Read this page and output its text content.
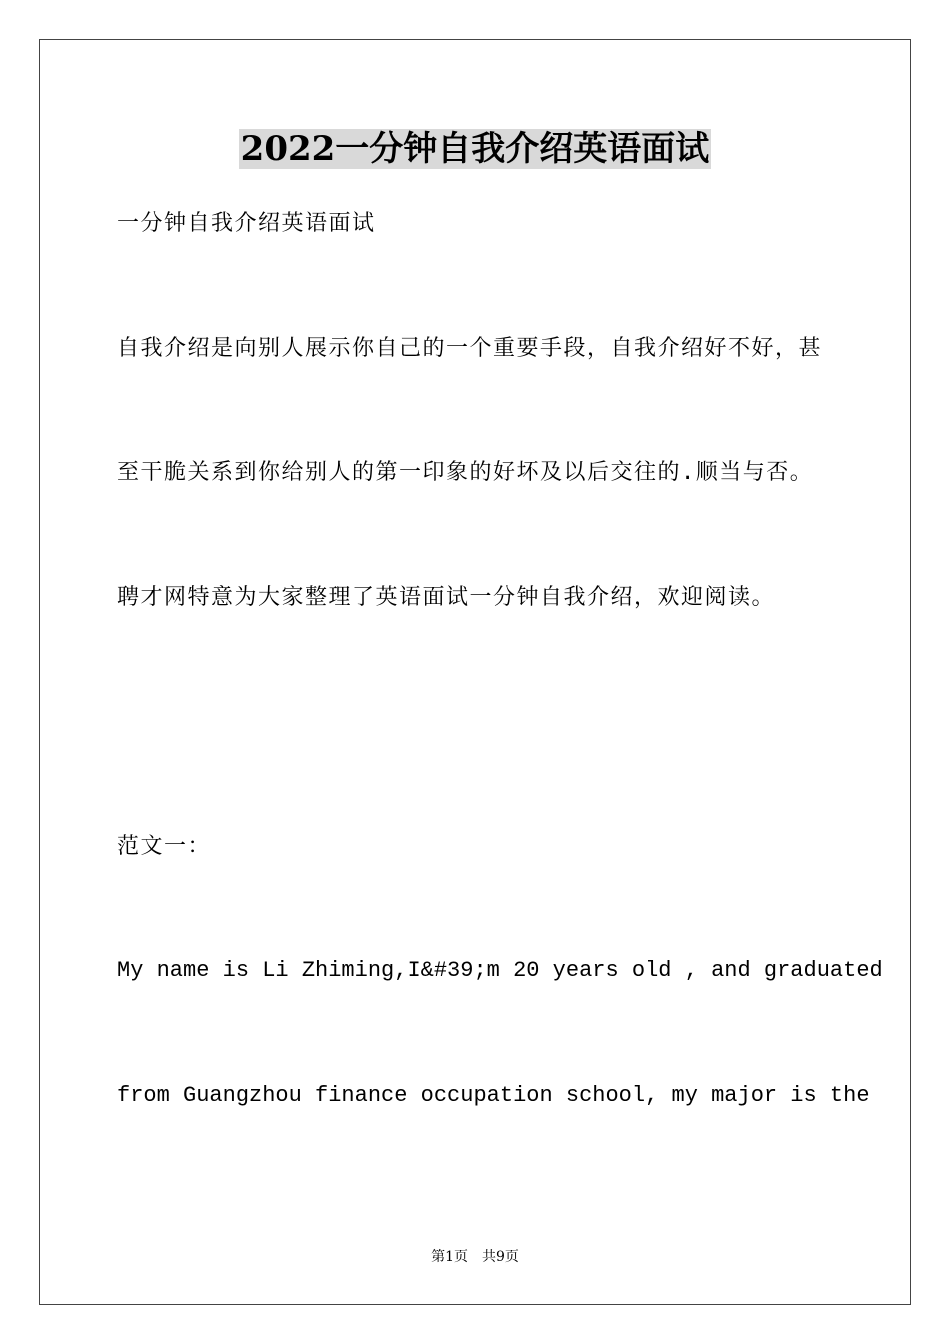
2022一分钟自我介绍英语面试
一分钟自我介绍英语面试
自我介绍是向别人展示你自己的一个重要手段，自我介绍好不好，甚
至干脆关系到你给别人的第一印象的好坏及以后交往的.顺当与否。
聘才网特意为大家整理了英语面试一分钟自我介绍，欢迎阅读。
范文一：
My name is Li Zhiming,I&#39;m 20 years old , and graduated
from Guangzhou finance occupation school, my major is the
第1页 共9页
